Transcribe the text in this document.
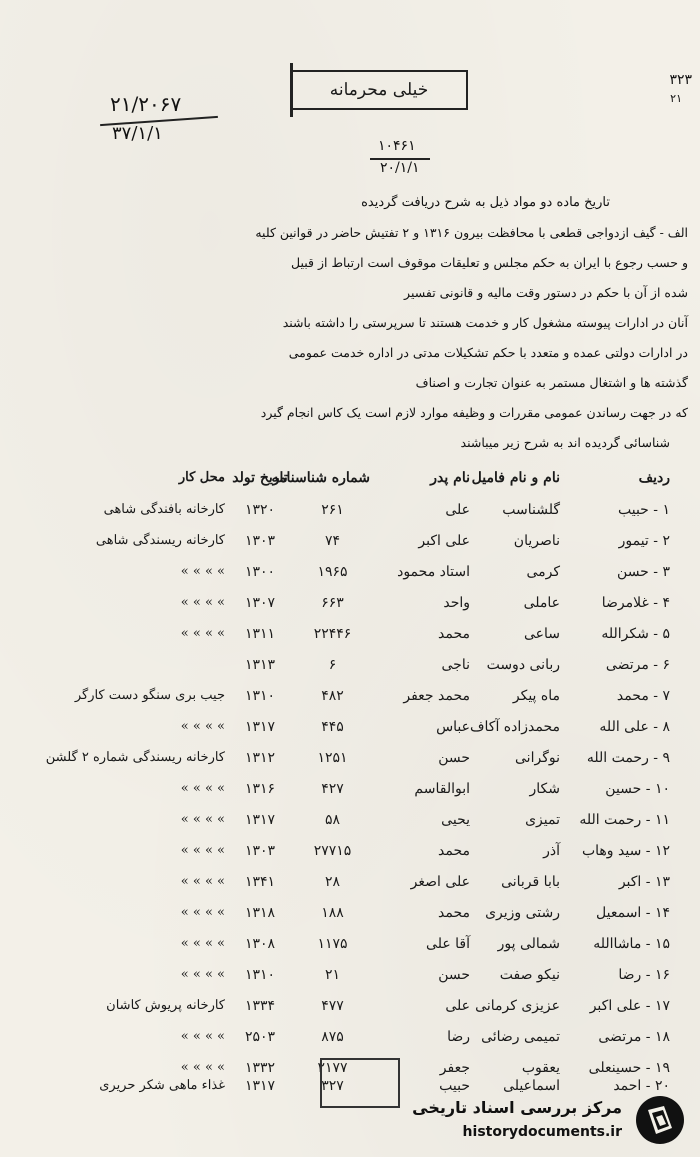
۲۱/۲۰۶۷
۳۷/۱/۱
۳۲۳
۲۱
خیلی محرمانه
۱۰۴۶۱
۲۰/۱/۱
تاریخ ماده دو مواد ذیل به شرح دریافت گردیده
الف - گیف ازدواجی قطعی با محافظت بیرون ۱۳۱۶ و ۲ تفتیش حاضر در قوانین کلیه
و حسب رجوع با ایران به حکم مجلس و تعلیقات موقوف است ارتباط از قبیل
شده از آن با حکم در دستور وقت مالیه و قانونی تفسیر
آنان در ادارات پیوسته مشغول کار و خدمت هستند تا سرپرستی را داشته باشند
در ادارات دولتی عمده و متعدد با حکم تشکیلات مدتی در اداره خدمت عمومی
گذشته ها و اشتغال مستمر به عنوان تجارت و اصناف
که در جهت رساندن عمومی مقررات و وظیفه موارد لازم است یک کاس انجام گیرد
شناسائی گردیده اند به شرح زیر میباشند
ردیف
نام و نام فامیل
نام پدر
شماره شناسنامه
تاریخ تولد
محل کار
۱ - حبیب
گلشناسب
علی
۲۶۱
۱۳۲۰
کارخانه بافندگی شاهی
۲ - تیمور
ناصریان
علی اکبر
۷۴
۱۳۰۳
کارخانه ریسندگی شاهی
۳ - حسن
کرمی
استاد محمود
۱۹۶۵
۱۳۰۰
» » » »
۴ - غلامرضا
عاملی
واحد
۶۶۳
۱۳۰۷
» » » »
۵ - شکرالله
ساعی
محمد
۲۲۴۴۶
۱۳۱۱
» » » »
۶ - مرتضی
ربانی دوست
ناجی
۶
۱۳۱۳
۷ - محمد
ماه پیکر
محمد جعفر
۴۸۲
۱۳۱۰
جیب بری سنگو دست کارگر
۸ - علی الله
محمدزاده آکاف
عباس
۴۴۵
۱۳۱۷
» » » »
۹ - رحمت الله
نوگرانی
حسن
۱۲۵۱
۱۳۱۲
کارخانه ریسندگی شماره ۲ گلشن
۱۰ - حسین
شکار
ابوالقاسم
۴۲۷
۱۳۱۶
» » » »
۱۱ - رحمت الله
تمیزی
یحیی
۵۸
۱۳۱۷
» » » »
۱۲ - سید وهاب
آذر
محمد
۲۷۷۱۵
۱۳۰۳
» » » »
۱۳ - اکبر
بابا قربانی
علی اصغر
۲۸
۱۳۴۱
» » » »
۱۴ - اسمعیل
رشتی وزیری
محمد
۱۸۸
۱۳۱۸
» » » »
۱۵ - ماشاالله
شمالی پور
آقا علی
۱۱۷۵
۱۳۰۸
» » » »
۱۶ - رضا
نیکو صفت
حسن
۲۱
۱۳۱۰
» » » »
۱۷ - علی اکبر
عزیزی کرمانی
علی
۴۷۷
۱۳۳۴
کارخانه پریوش کاشان
۱۸ - مرتضی
تمیمی رضائی
رضا
۸۷۵
۲۵۰۳
» » » »
۱۹ - حسینعلی
یعقوب
جعفر
۲۱۷۷
۱۳۳۲
» » » »
۲۰ - احمد
اسماعیلی
حبیب
۳۲۷
۱۳۱۷
غذاء ماهی شکر حریری
مرکز بررسی اسناد تاریخی
historydocuments.ir
